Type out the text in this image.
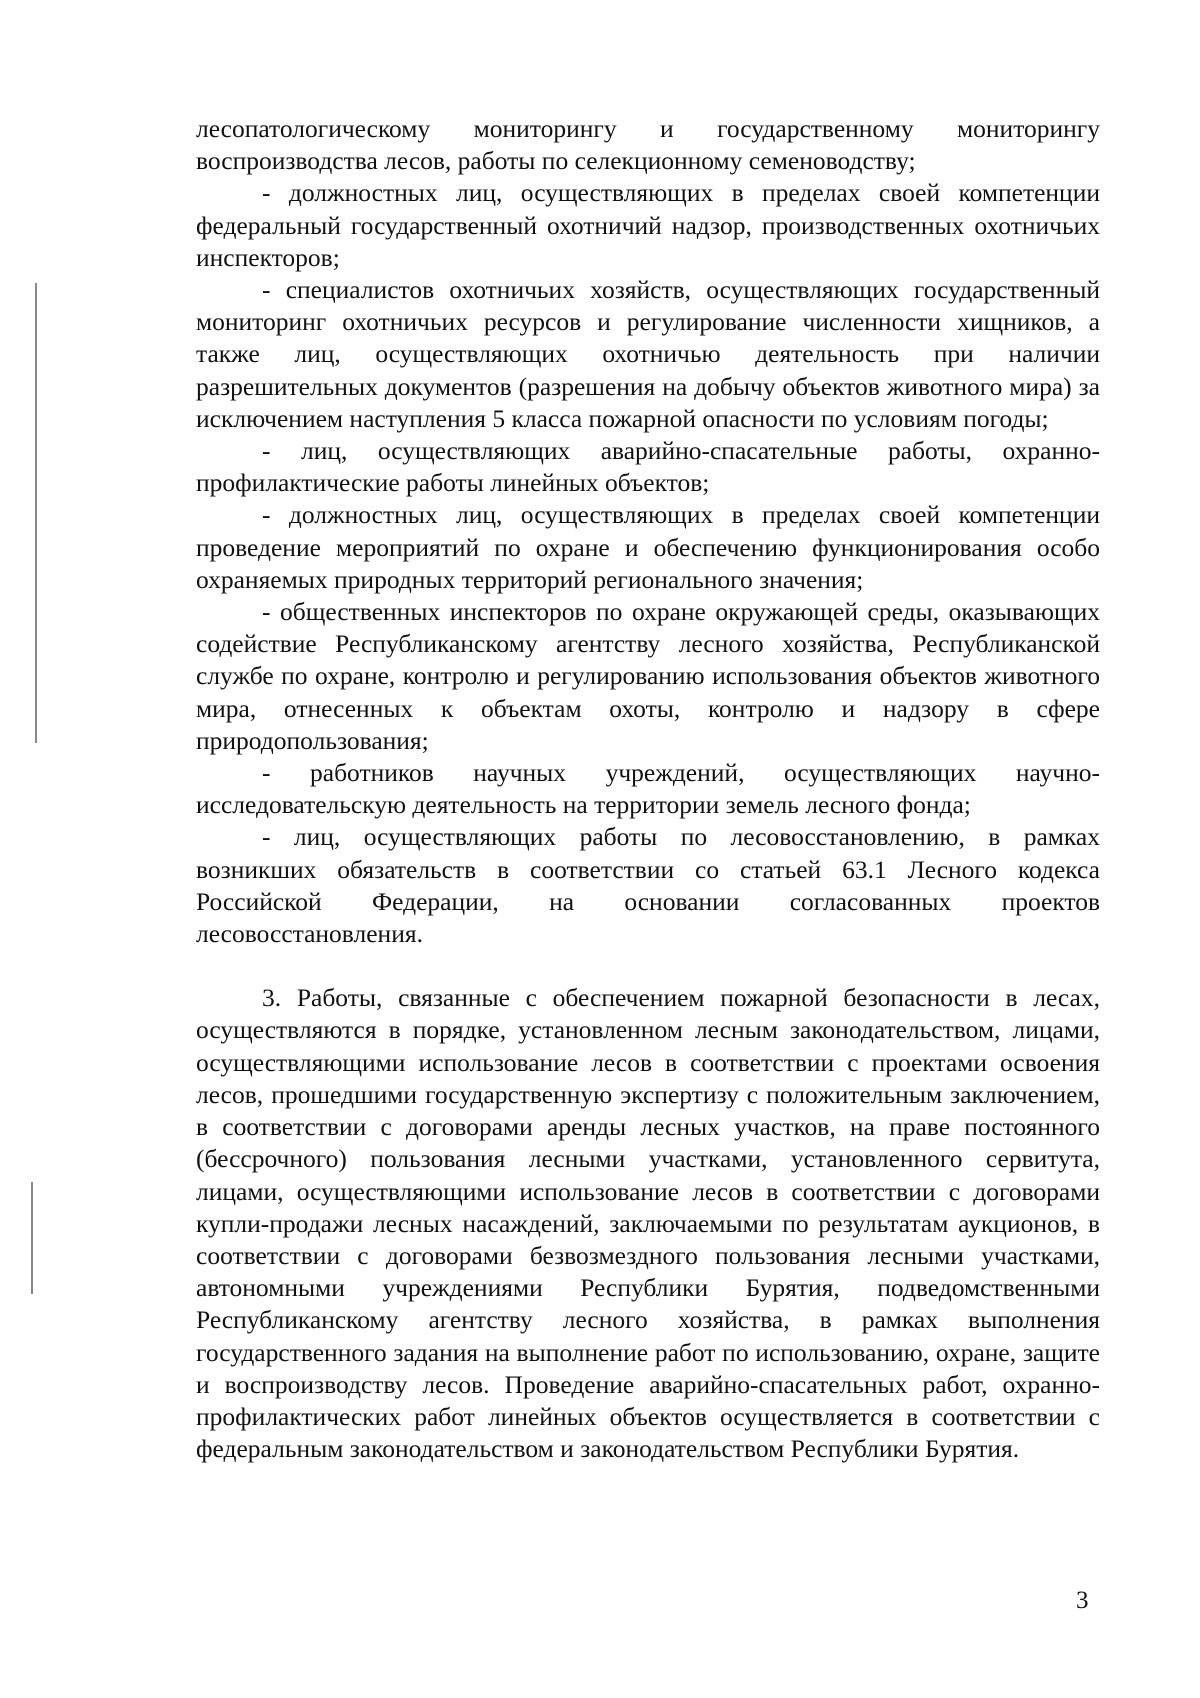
лесопатологическому мониторингу и государственному мониторингу воспроизводства лесов, работы по селекционному семеноводству;

- должностных лиц, осуществляющих в пределах своей компетенции федеральный государственный охотничий надзор, производственных охотничьих инспекторов;

- специалистов охотничьих хозяйств, осуществляющих государственный мониторинг охотничьих ресурсов и регулирование численности хищников, а также лиц, осуществляющих охотничью деятельность при наличии разрешительных документов (разрешения на добычу объектов животного мира) за исключением наступления 5 класса пожарной опасности по условиям погоды;

- лиц, осуществляющих аварийно-спасательные работы, охранно-профилактические работы линейных объектов;

- должностных лиц, осуществляющих в пределах своей компетенции проведение мероприятий по охране и обеспечению функционирования особо охраняемых природных территорий регионального значения;

- общественных инспекторов по охране окружающей среды, оказывающих содействие Республиканскому агентству лесного хозяйства, Республиканской службе по охране, контролю и регулированию использования объектов животного мира, отнесенных к объектам охоты, контролю и надзору в сфере природопользования;

- работников научных учреждений, осуществляющих научно-исследовательскую деятельность на территории земель лесного фонда;

- лиц, осуществляющих работы по лесовосстановлению, в рамках возникших обязательств в соответствии со статьей 63.1 Лесного кодекса Российской Федерации, на основании согласованных проектов лесовосстановления.

3. Работы, связанные с обеспечением пожарной безопасности в лесах, осуществляются в порядке, установленном лесным законодательством, лицами, осуществляющими использование лесов в соответствии с проектами освоения лесов, прошедшими государственную экспертизу с положительным заключением, в соответствии с договорами аренды лесных участков, на праве постоянного (бессрочного) пользования лесными участками, установленного сервитута, лицами, осуществляющими использование лесов в соответствии с договорами купли-продажи лесных насаждений, заключаемыми по результатам аукционов, в соответствии с договорами безвозмездного пользования лесными участками, автономными учреждениями Республики Бурятия, подведомственными Республиканскому агентству лесного хозяйства, в рамках выполнения государственного задания на выполнение работ по использованию, охране, защите и воспроизводству лесов. Проведение аварийно-спасательных работ, охранно-профилактических работ линейных объектов осуществляется в соответствии с федеральным законодательством и законодательством Республики Бурятия.

3
